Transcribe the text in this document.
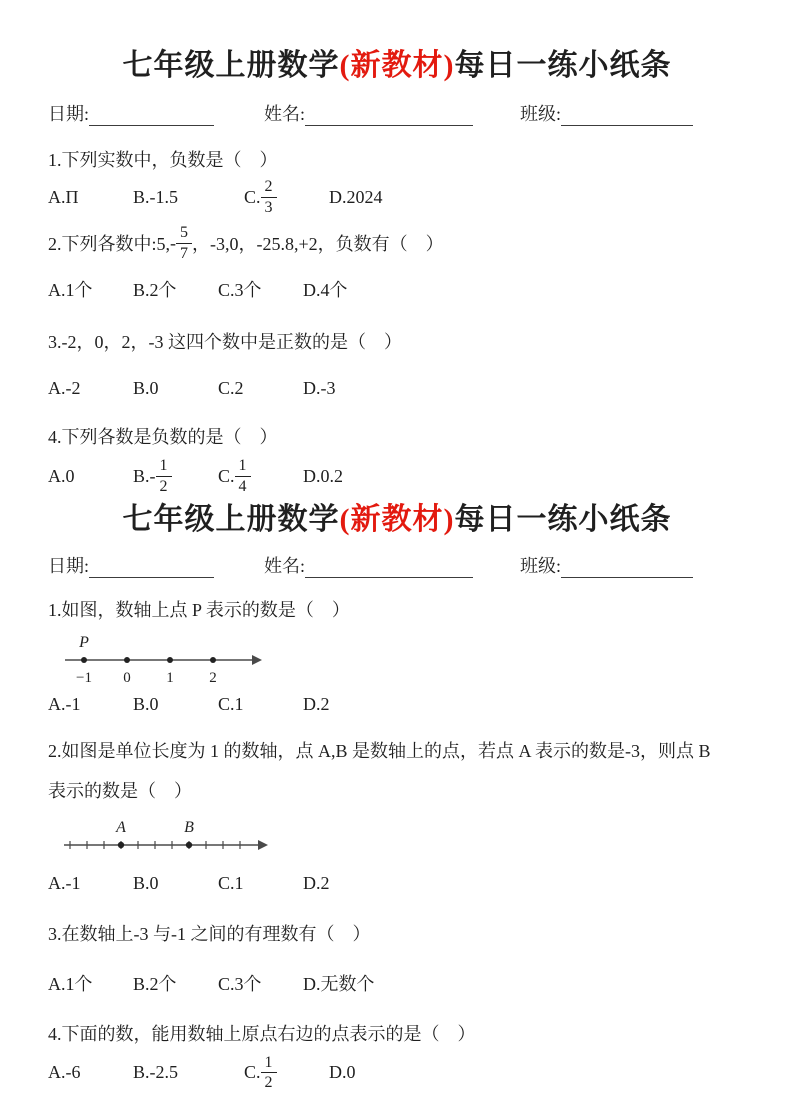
七年级上册数学(新教材)每日一练小纸条
日期:	姓名:	班级:
1.下列实数中，负数是（　）
A.Π	B.-1.5	C. $\frac{2}{3}$	D.2024
2.下列各数中:5, - $\frac{5}{7}$ ，-3,0，-25.8,+2，负数有（　）
A.1个	B.2个	C.3个	D.4个
3.-2，0，2，-3 这四个数中是正数的是（　）
A.-2	B.0	C.2	D.-3
4.下列各数是负数的是（　）
A.0	B. - $\frac{1}{2}$	C. $\frac{1}{4}$	D.0.2
七年级上册数学(新教材)每日一练小纸条
日期:	姓名:	班级:
1.如图，数轴上点 P 表示的数是（　）
P
−1 0 1 2
A.-1	B.0	C.1	D.2
2.如图是单位长度为 1 的数轴，点 A,B 是数轴上的点，若点 A 表示的数是-3，则点 B
表示的数是（　）
A	B
A.-1	B.0	C.1	D.2
3.在数轴上-3 与-1 之间的有理数有（　）
A.1个	B.2个	C.3个	D.无数个
4.下面的数，能用数轴上原点右边的点表示的是（　）
A.-6	B.-2.5	C. $\frac{1}{2}$	D.0
